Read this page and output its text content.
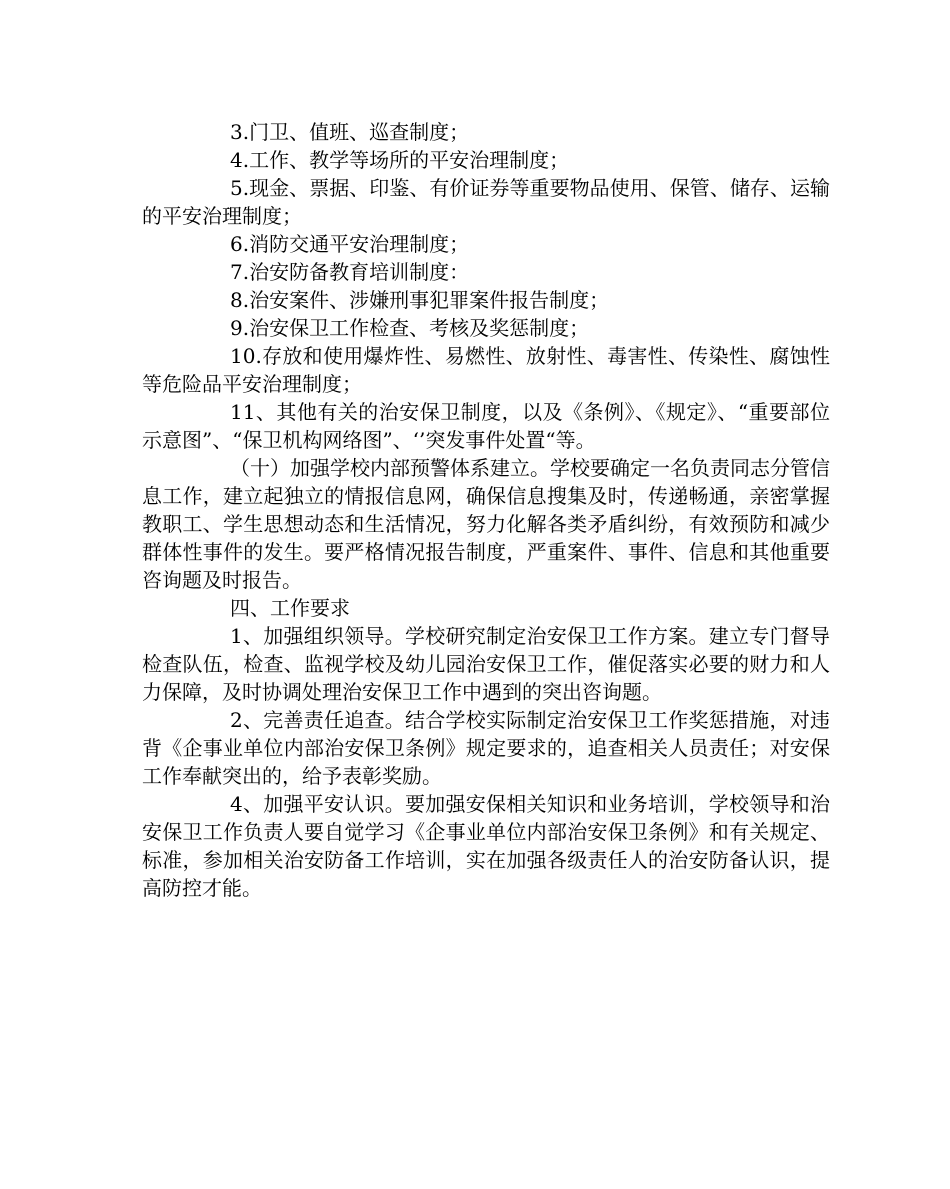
3.门卫、值班、巡查制度；

4.工作、教学等场所的平安治理制度；

5.现金、票据、印鉴、有价证券等重要物品使用、保管、储存、运输的平安治理制度；

6.消防交通平安治理制度；

7.治安防备教育培训制度：

8.治安案件、涉嫌刑事犯罪案件报告制度；

9.治安保卫工作检查、考核及奖惩制度；

10.存放和使用爆炸性、易燃性、放射性、毒害性、传染性、腐蚀性等危险品平安治理制度；

11、其他有关的治安保卫制度，以及《条例》、《规定》、“重要部位示意图”、“保卫机构网络图”、‘’突发事件处置“等。

（十）加强学校内部预警体系建立。学校要确定一名负责同志分管信息工作，建立起独立的情报信息网，确保信息搜集及时，传递畅通，亲密掌握教职工、学生思想动态和生活情况，努力化解各类矛盾纠纷，有效预防和减少群体性事件的发生。要严格情况报告制度，严重案件、事件、信息和其他重要咨询题及时报告。

四、工作要求

1、加强组织领导。学校研究制定治安保卫工作方案。建立专门督导检查队伍，检查、监视学校及幼儿园治安保卫工作，催促落实必要的财力和人力保障，及时协调处理治安保卫工作中遇到的突出咨询题。

2、完善责任追查。结合学校实际制定治安保卫工作奖惩措施，对违背《企事业单位内部治安保卫条例》规定要求的，追查相关人员责任；对安保工作奉献突出的，给予表彰奖励。

4、加强平安认识。要加强安保相关知识和业务培训，学校领导和治安保卫工作负责人要自觉学习《企事业单位内部治安保卫条例》和有关规定、标准，参加相关治安防备工作培训，实在加强各级责任人的治安防备认识，提高防控才能。
